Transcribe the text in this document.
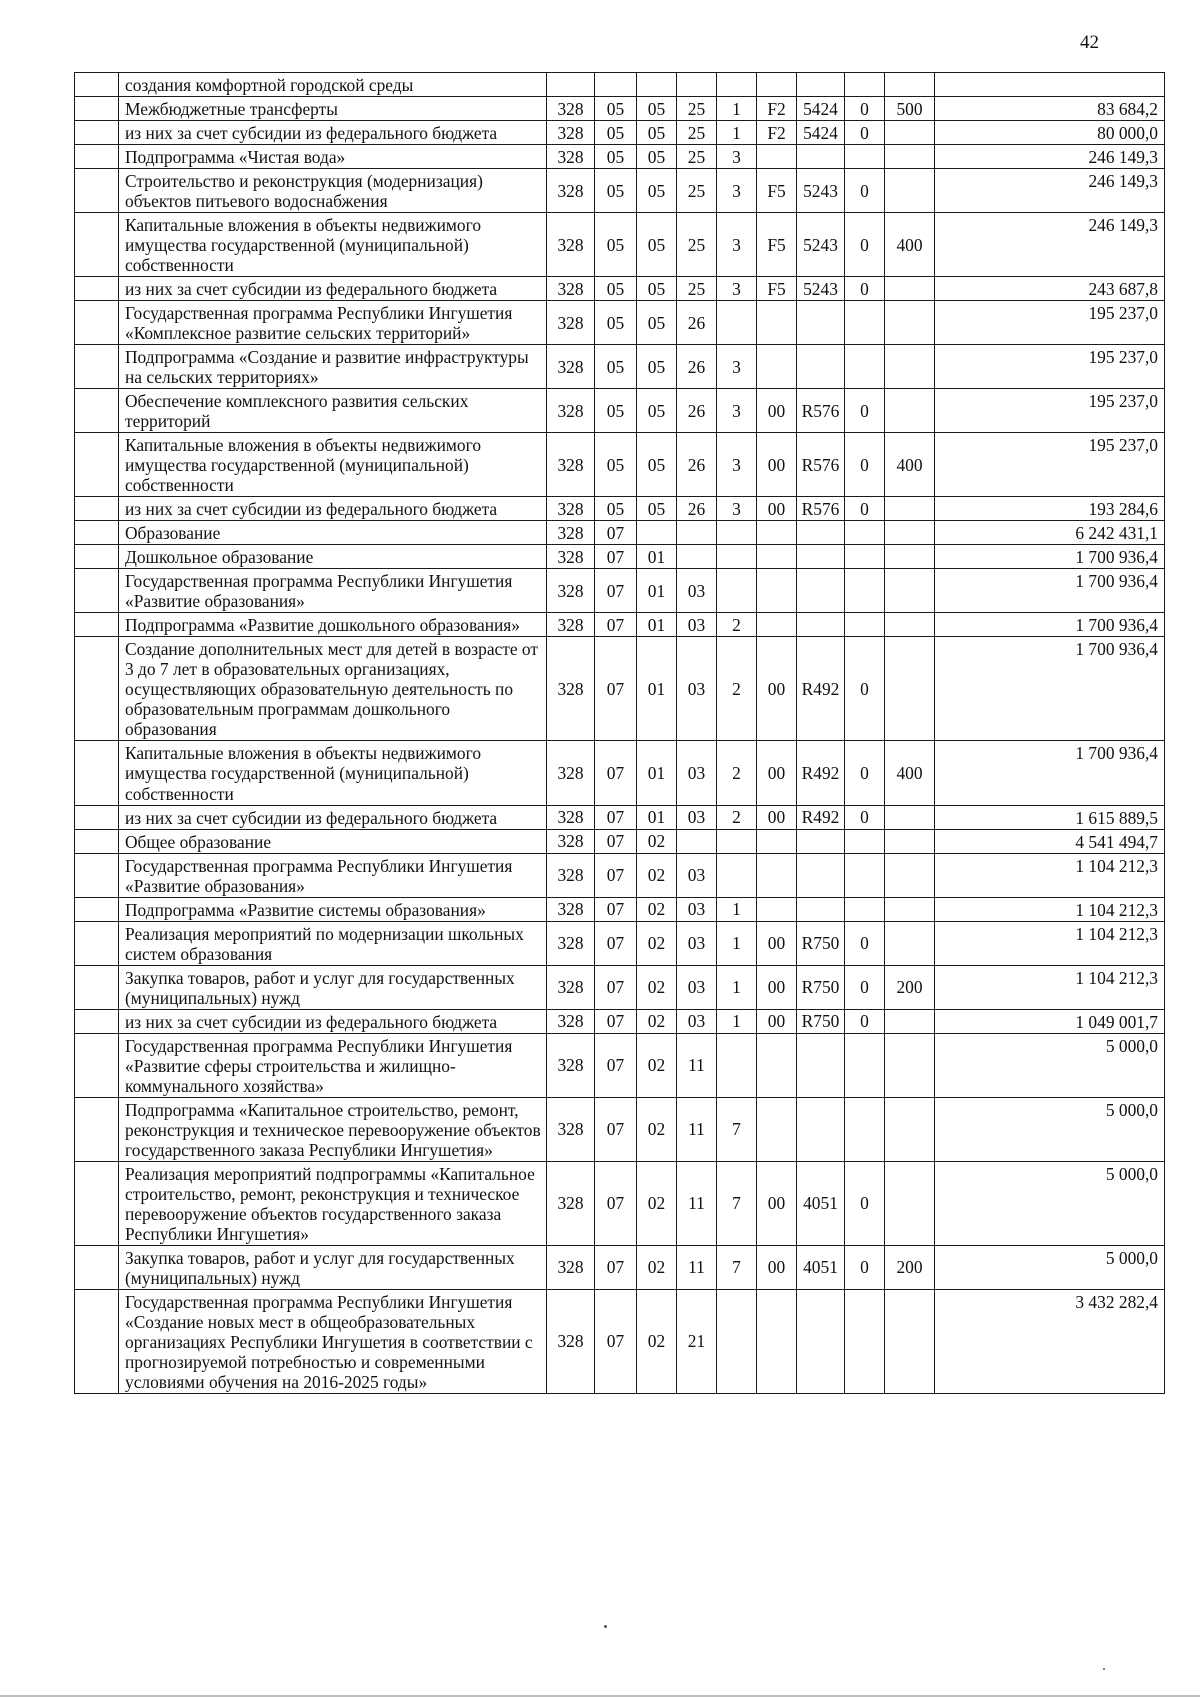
42
	создания комфортной городской среды										
	Межбюджетные трансферты	328	05	05	25	1	F2	5424	0	500	83 684,2
	из них за счет субсидии из федерального бюджета	328	05	05	25	1	F2	5424	0		80 000,0
	Подпрограмма «Чистая вода»	328	05	05	25	3					246 149,3
	Строительство и реконструкция (модернизация) объектов питьевого водоснабжения	328	05	05	25	3	F5	5243	0		246 149,3
	Капитальные вложения в объекты недвижимого имущества государственной (муниципальной) собственности	328	05	05	25	3	F5	5243	0	400	246 149,3
	из них за счет субсидии из федерального бюджета	328	05	05	25	3	F5	5243	0		243 687,8
	Государственная программа Республики Ингушетия «Комплексное развитие сельских территорий»	328	05	05	26						195 237,0
	Подпрограмма «Создание и развитие инфраструктуры на сельских территориях»	328	05	05	26	3					195 237,0
	Обеспечение комплексного развития сельских территорий	328	05	05	26	3	00	R576	0		195 237,0
	Капитальные вложения в объекты недвижимого имущества государственной (муниципальной) собственности	328	05	05	26	3	00	R576	0	400	195 237,0
	из них за счет субсидии из федерального бюджета	328	05	05	26	3	00	R576	0		193 284,6
	Образование	328	07								6 242 431,1
	Дошкольное образование	328	07	01							1 700 936,4
	Государственная программа Республики Ингушетия «Развитие образования»	328	07	01	03						1 700 936,4
	Подпрограмма «Развитие дошкольного образования»	328	07	01	03	2					1 700 936,4
	Создание дополнительных мест для детей в возрасте от 3 до 7 лет в образовательных организациях, осуществляющих образовательную деятельность по образовательным программам дошкольного образования	328	07	01	03	2	00	R492	0		1 700 936,4
	Капитальные вложения в объекты недвижимого имущества государственной (муниципальной) собственности	328	07	01	03	2	00	R492	0	400	1 700 936,4
	из них за счет субсидии из федерального бюджета	328	07	01	03	2	00	R492	0		1 615 889,5
	Общее образование	328	07	02							4 541 494,7
	Государственная программа Республики Ингушетия «Развитие образования»	328	07	02	03						1 104 212,3
	Подпрограмма «Развитие системы образования»	328	07	02	03	1					1 104 212,3
	Реализация мероприятий по модернизации школьных систем образования	328	07	02	03	1	00	R750	0		1 104 212,3
	Закупка товаров, работ и услуг для государственных (муниципальных) нужд	328	07	02	03	1	00	R750	0	200	1 104 212,3
	из них за счет субсидии из федерального бюджета	328	07	02	03	1	00	R750	0		1 049 001,7
	Государственная программа Республики Ингушетия «Развитие сферы строительства и жилищно-коммунального хозяйства»	328	07	02	11						5 000,0
	Подпрограмма «Капитальное строительство, ремонт, реконструкция и техническое перевооружение объектов государственного заказа Республики Ингушетия»	328	07	02	11	7					5 000,0
	Реализация мероприятий подпрограммы «Капитальное строительство, ремонт, реконструкция и техническое перевооружение объектов государственного заказа Республики Ингушетия»	328	07	02	11	7	00	4051	0		5 000,0
	Закупка товаров, работ и услуг для государственных (муниципальных) нужд	328	07	02	11	7	00	4051	0	200	5 000,0
	Государственная программа Республики Ингушетия «Создание новых мест в общеобразовательных организациях Республики Ингушетия в соответствии с прогнозируемой потребностью и современными условиями обучения на 2016-2025 годы»	328	07	02	21						3 432 282,4
